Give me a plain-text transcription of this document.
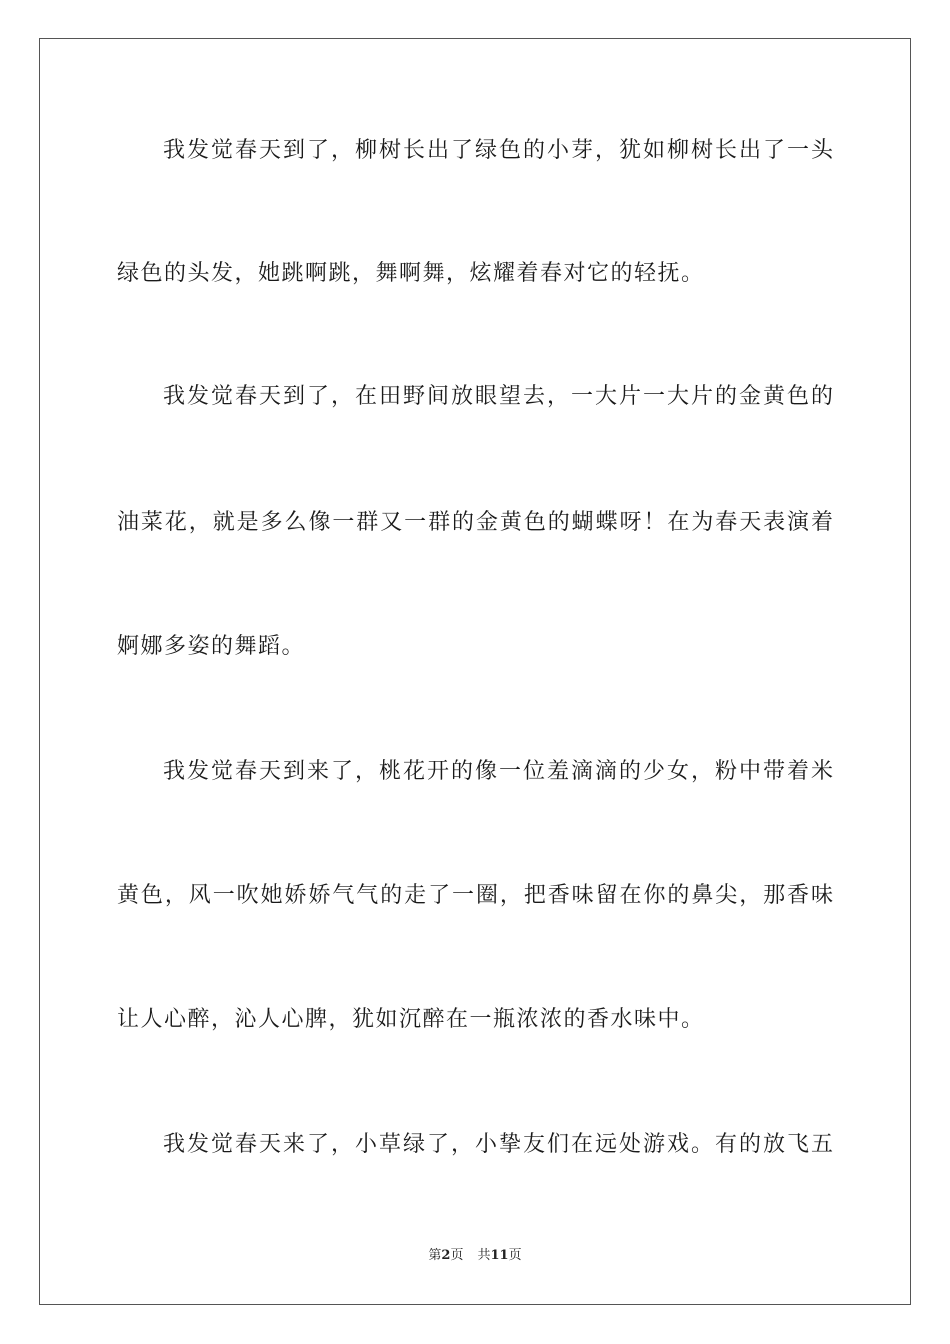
我发觉春天到了，柳树长出了绿色的小芽，犹如柳树长出了一头
绿色的头发，她跳啊跳，舞啊舞，炫耀着春对它的轻抚。
我发觉春天到了，在田野间放眼望去，一大片一大片的金黄色的
油菜花，就是多么像一群又一群的金黄色的蝴蝶呀！在为春天表演着
婀娜多姿的舞蹈。
我发觉春天到来了，桃花开的像一位羞滴滴的少女，粉中带着米
黄色，风一吹她娇娇气气的走了一圈，把香味留在你的鼻尖，那香味
让人心醉，沁人心脾，犹如沉醉在一瓶浓浓的香水味中。
我发觉春天来了，小草绿了，小挚友们在远处游戏。有的放飞五
第2页 共11页
